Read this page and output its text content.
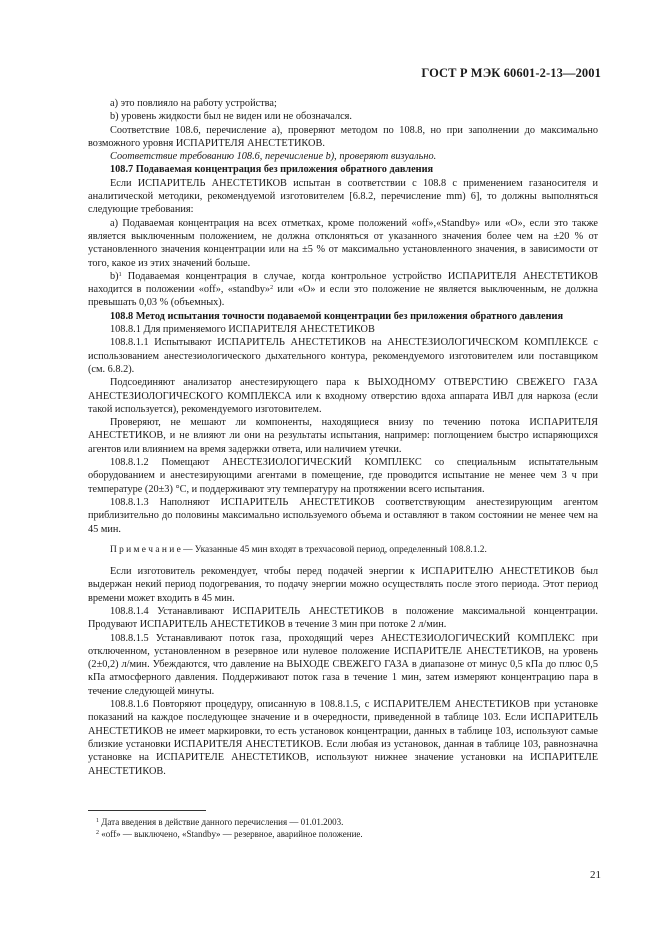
ГОСТ Р МЭК 60601-2-13—2001

a) это повлияло на работу устройства;

b) уровень жидкости был не виден или не обозначался.

Соответствие 108.6, перечисление а), проверяют методом по 108.8, но при заполнении до максимально возможного уровня ИСПАРИТЕЛЯ АНЕСТЕТИКОВ.

Соответствие требованию 108.6, перечисление b), проверяют визуально.

108.7 Подаваемая концентрация без приложения обратного давления

Если ИСПАРИТЕЛЬ АНЕСТЕТИКОВ испытан в соответствии с 108.8 с применением газаносителя и аналитической методики, рекомендуемой изготовителем [6.8.2, перечисление mm) 6], то должны выполняться следующие требования:

a) Подаваемая концентрация на всех отметках, кроме положений «off»,«Standby» или «О», если это также является выключенным положением, не должна отклоняться от указанного значения более чем на ±20 % от установленного значения концентрации или на ±5 % от максимально установленного значения, в зависимости от того, какое из этих значений больше.

b)$^1$ Подаваемая концентрация в случае, когда контрольное устройство ИСПАРИТЕЛЯ АНЕСТЕТИКОВ находится в положении «off», «standby»$^2$ или «О» и если это положение не является выключенным, не должна превышать 0,03 % (объемных).

108.8 Метод испытания точности подаваемой концентрации без приложения обратного давления

108.8.1 Для применяемого ИСПАРИТЕЛЯ АНЕСТЕТИКОВ

108.8.1.1 Испытывают ИСПАРИТЕЛЬ АНЕСТЕТИКОВ на АНЕСТЕЗИОЛОГИЧЕСКОМ КОМПЛЕКСЕ с использованием анестезиологического дыхательного контура, рекомендуемого изготовителем или поставщиком (см. 6.8.2).

Подсоединяют анализатор анестезирующего пара к ВЫХОДНОМУ ОТВЕРСТИЮ СВЕЖЕГО ГАЗА АНЕСТЕЗИОЛОГИЧЕСКОГО КОМПЛЕКСА или к входному отверстию вдоха аппарата ИВЛ для наркоза (если такой используется), рекомендуемого изготовителем.

Проверяют, не мешают ли компоненты, находящиеся внизу по течению потока ИСПАРИТЕЛЯ АНЕСТЕТИКОВ, и не влияют ли они на результаты испытания, например: поглощением быстро испаряющихся агентов или влиянием на время задержки ответа, или наличием утечки.

108.8.1.2 Помещают АНЕСТЕЗИОЛОГИЧЕСКИЙ КОМПЛЕКС со специальным испытательным оборудованием и анестезирующими агентами в помещение, где проводится испытание не менее чем 3 ч при температуре (20±3) °С, и поддерживают эту температуру на протяжении всего испытания.

108.8.1.3 Наполняют ИСПАРИТЕЛЬ АНЕСТЕТИКОВ соответствующим анестезирующим агентом приблизительно до половины максимально используемого объема и оставляют в таком состоянии не менее чем на 45 мин.

П р и м е ч а н и е — Указанные 45 мин входят в трехчасовой период, определенный 108.8.1.2.

Если изготовитель рекомендует, чтобы перед подачей энергии к ИСПАРИТЕЛЮ АНЕСТЕТИКОВ был выдержан некий период подогревания, то подачу энергии можно осуществлять после этого периода. Этот период времени может входить в 45 мин.

108.8.1.4 Устанавливают ИСПАРИТЕЛЬ АНЕСТЕТИКОВ в положение максимальной концентрации. Продувают ИСПАРИТЕЛЬ АНЕСТЕТИКОВ в течение 3 мин при потоке 2 л/мин.

108.8.1.5 Устанавливают поток газа, проходящий через АНЕСТЕЗИОЛОГИЧЕСКИЙ КОМПЛЕКС при отключенном, установленном в резервное или нулевое положение ИСПАРИТЕЛЕ АНЕСТЕТИКОВ, на уровень (2±0,2) л/мин. Убеждаются, что давление на ВЫХОДЕ СВЕЖЕГО ГАЗА в диапазоне от минус 0,5 кПа до плюс 0,5 кПа атмосферного давления. Поддерживают поток газа в течение 1 мин, затем измеряют концентрацию пара в течение следующей минуты.

108.8.1.6 Повторяют процедуру, описанную в 108.8.1.5, с ИСПАРИТЕЛЕМ АНЕСТЕТИКОВ при установке показаний на каждое последующее значение и в очередности, приведенной в таблице 103. Если ИСПАРИТЕЛЬ АНЕСТЕТИКОВ не имеет маркировки, то есть установок концентрации, данных в таблице 103, используют самые близкие установки ИСПАРИТЕЛЯ АНЕСТЕТИКОВ. Если любая из установок, данная в таблице 103, равнозначна установке на ИСПАРИТЕЛЕ АНЕСТЕТИКОВ, используют нижнее значение установки на ИСПАРИТЕЛЕ АНЕСТЕТИКОВ.

$^1$ Дата введения в действие данного перечисления — 01.01.2003.

$^2$ «off» — выключено, «Standby» — резервное, аварийное положение.

21
